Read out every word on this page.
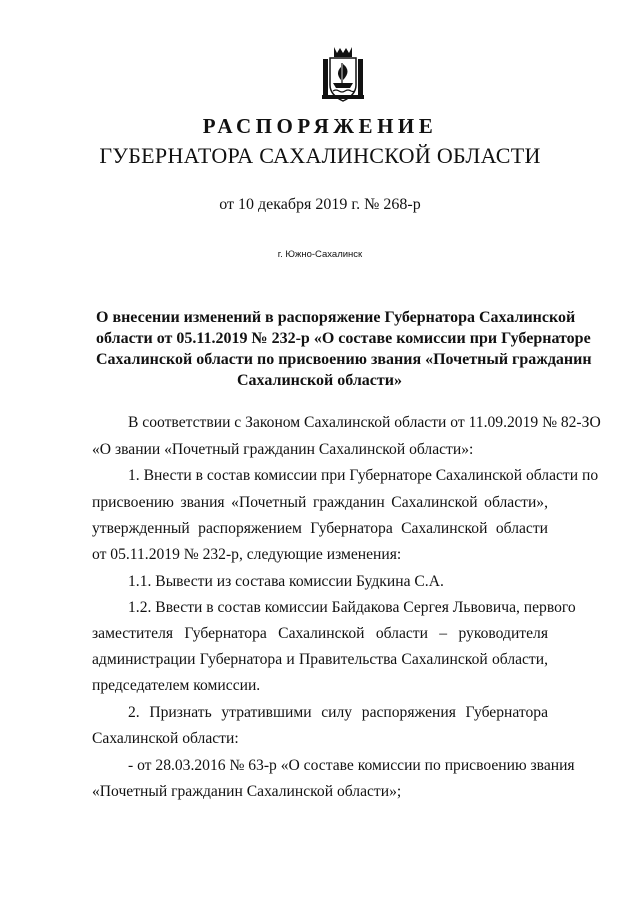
РАСПОРЯЖЕНИЕ
ГУБЕРНАТОРА САХАЛИНСКОЙ ОБЛАСТИ
от 10 декабря 2019 г. № 268-р
г. Южно-Сахалинск
О внесении изменений в распоряжение Губернатора Сахалинской
области от 05.11.2019 № 232-р «О составе комиссии при Губернаторе
Сахалинской области по присвоению звания «Почетный гражданин
Сахалинской области»
В соответствии с Законом Сахалинской области от 11.09.2019 № 82-ЗО
«О звании «Почетный гражданин Сахалинской области»:
1. Внести в состав комиссии при Губернаторе Сахалинской области по
присвоению звания «Почетный гражданин Сахалинской области»,
утвержденный распоряжением Губернатора Сахалинской области
от 05.11.2019 № 232-р, следующие изменения:
1.1. Вывести из состава комиссии Будкина С.А.
1.2. Ввести в состав комиссии Байдакова Сергея Львовича, первого
заместителя Губернатора Сахалинской области – руководителя
администрации Губернатора и Правительства Сахалинской области,
председателем комиссии.
2. Признать утратившими силу распоряжения Губернатора
Сахалинской области:
- от 28.03.2016 № 63-р «О составе комиссии по присвоению звания
«Почетный гражданин Сахалинской области»;
